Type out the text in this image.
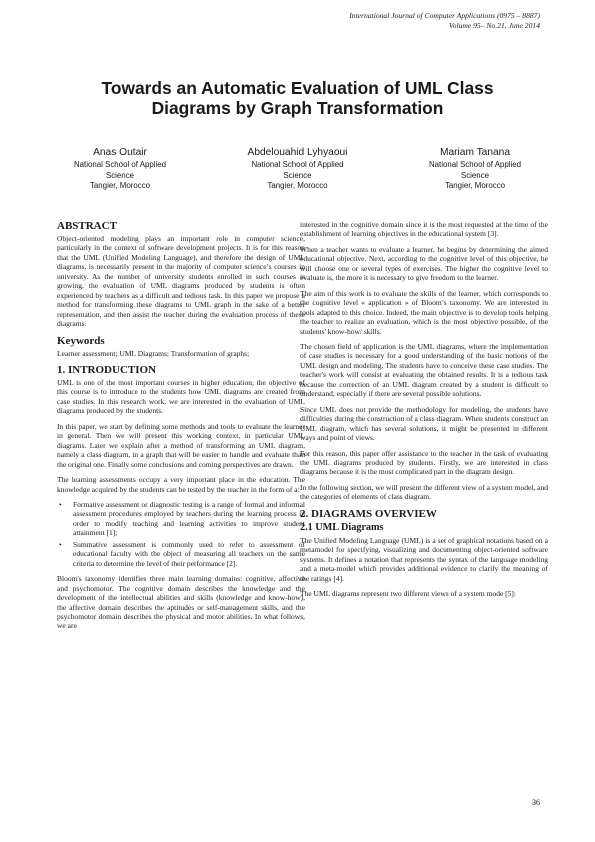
International Journal of Computer Applications (0975 – 8887)
Volume 95– No.21, June 2014
Towards an Automatic Evaluation of UML Class
Diagrams by Graph Transformation
Anas Outair
National School of Applied
Science
Tangier, Morocco
Abdelouahid Lyhyaoui
National School of Applied
Science
Tangier, Morocco
Mariam Tanana
National School of Applied
Science
Tangier, Morocco
ABSTRACT

Object-oriented modeling plays an important role in computer science, particularly in the context of software development projects. It is for this reason that the UML (Unified Modeling Language), and therefore the design of UML diagrams, is necessarily present in the majority of computer science’s courses in university. As the number of university students enrolled in such courses is growing, the evaluation of UML diagrams produced by students is often experienced by teachers as a difficult and tedious task. In this paper we propose a method for transforming these diagrams to UML graph in the sake of a better representation, and then assist the teacher during the evaluation process of these diagrams.

Keywords

Learner assessment; UML Diagrams; Transformation of graphs;

1. INTRODUCTION

UML is one of the most important courses in higher education; the objective of this course is to introduce to the students how UML diagrams are created from case studies. In this research work, we are interested in the evaluation of UML diagrams produced by the students.

In this paper, we start by defining some methods and tools to evaluate the learner in general. Then we will present this working context, in particular UML diagrams. Later we explain after a method of transforming an UML diagram, namely a class diagram, in a graph that will be easier to handle and evaluate than the original one. Finally some conclusions and coming perspectives are drawn.

The learning assessments occupy a very important place in the education. The knowledge acquired by the students can be tested by the teacher in the form of a:

• Formative assessment or diagnostic testing is a range of formal and informal assessment procedures employed by teachers during the learning process in order to modify teaching and learning activities to improve student attainment [1];
• Summative assessment is commonly used to refer to assessment of educational faculty with the object of measuring all teachers on the same criteria to determine the level of their performance [2].

Bloom's taxonomy identifies three main learning domains: cognitive, affective and psychomotor. The cognitive domain describes the knowledge and the development of the intellectual abilities and skills (knowledge and know-how), the affective domain describes the aptitudes or self-management skills, and the psychomotor domain describes the physical and motor abilities. In what follows, we are

interested in the cognitive domain since it is the most requested at the time of the establishment of learning objectives in the educational system [3].

When a teacher wants to evaluate a learner, he begins by determining the aimed educational objective. Next, according to the cognitive level of this objective, he will choose one or several types of exercises. The higher the cognitive level to evaluate is, the more it is necessary to give freedom to the learner.

The aim of this work is to evaluate the skills of the learner, which corresponds to the cognitive level « application » of Bloom’s taxonomy. We are interested in tools adapted to this choice. Indeed, the main objective is to develop tools helping the teacher to realize an evaluation, which is the most objective possible, of the students' know-how/ skills.

The chosen field of application is the UML diagrams, where the implementation of case studies is necessary for a good understanding of the basic notions of the UML design and modeling. The students have to conceive these case studies. The teacher's work will consist at evaluating the obtained results. It is a tedious task because the correction of an UML diagram created by a student is difficult to understand, especially if there are several possible solutions.

Since UML does not provide the methodology for modeling, the students have difficulties during the construction of a class diagram. When students construct an UML diagram, which has several solutions, it might be presented in different ways and point of views.

For this reason, this paper offer assistance to the teacher in the task of evaluating the UML diagrams produced by students. Firstly, we are interested in class diagrams because it is the most complicated part in the diagram design.

In the following section, we will present the different view of a system model, and the categories of elements of class diagram.

2. DIAGRAMS OVERVIEW
2.1 UML Diagrams

The Unified Modeling Language (UML) is a set of graphical notations based on a metamodel for specifying, visualizing and documenting object-oriented software systems. It defines a notation that represents the syntax of the language modeling and a meta-model which provides additional evidence to clarify the meaning of the ratings [4].

The UML diagrams represent two different views of a system mode [5]:

36
